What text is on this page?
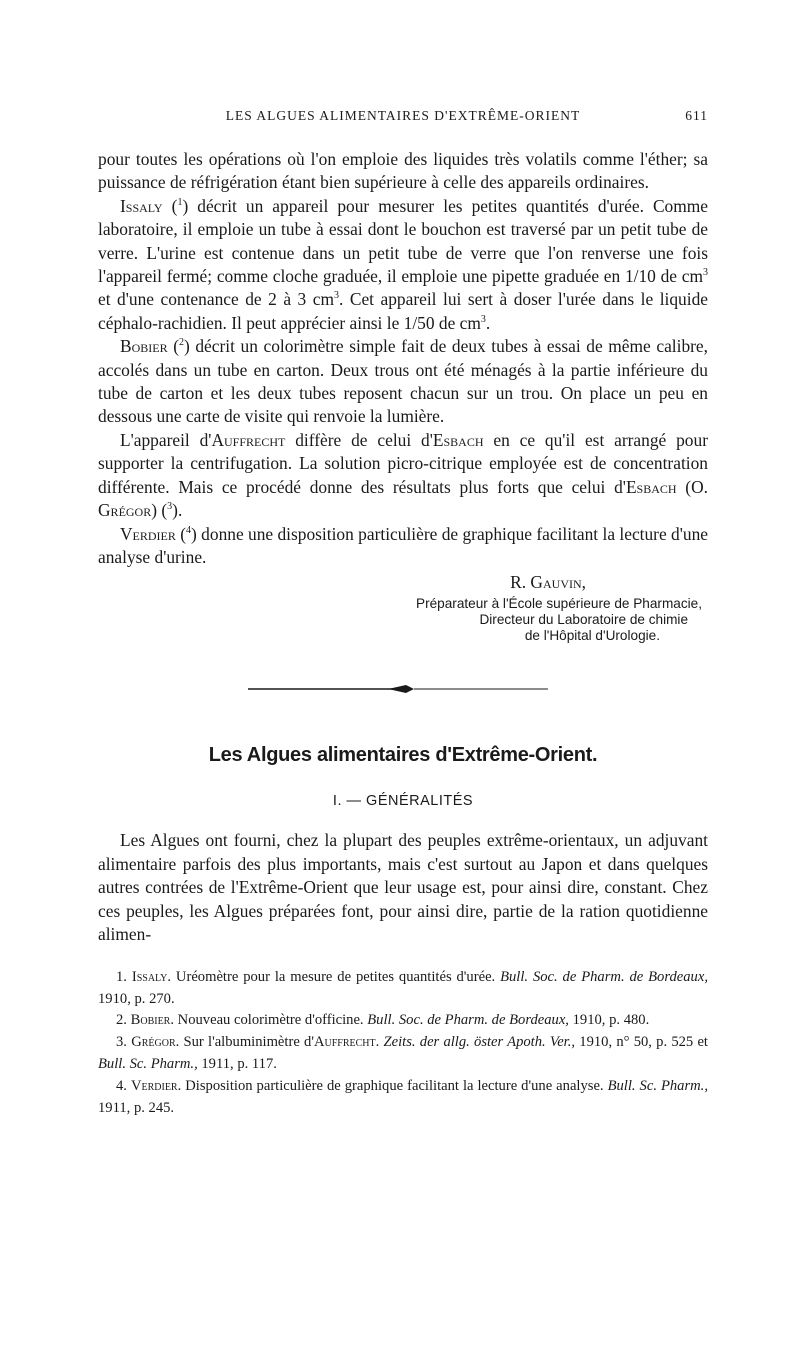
LES ALGUES ALIMENTAIRES D'EXTRÊME-ORIENT	611

pour toutes les opérations où l'on emploie des liquides très volatils comme l'éther; sa puissance de réfrigération étant bien supérieure à celle des appareils ordinaires.

Issaly ($^1$) décrit un appareil pour mesurer les petites quantités d'urée. Comme laboratoire, il emploie un tube à essai dont le bouchon est traversé par un petit tube de verre. L'urine est contenue dans un petit tube de verre que l'on renverse une fois l'appareil fermé; comme cloche graduée, il emploie une pipette graduée en 1/10 de $cm^3$ et d'une contenance de 2 à 3 $cm^3$. Cet appareil lui sert à doser l'urée dans le liquide céphalo-rachidien. Il peut apprécier ainsi le 1/50 de $cm^3$.

Bobier ($^2$) décrit un colorimètre simple fait de deux tubes à essai de même calibre, accolés dans un tube en carton. Deux trous ont été ménagés à la partie inférieure du tube de carton et les deux tubes reposent chacun sur un trou. On place un peu en dessous une carte de visite qui renvoie la lumière.

L'appareil d'Auffrecht diffère de celui d'Esbach en ce qu'il est arrangé pour supporter la centrifugation. La solution picro-citrique employée est de concentration différente. Mais ce procédé donne des résultats plus forts que celui d'Esbach (O. Grégor) ($^3$).

Verdier ($^4$) donne une disposition particulière de graphique facilitant la lecture d'une analyse d'urine.

R. Gauvin,
Préparateur à l'École supérieure de Pharmacie,
Directeur du Laboratoire de chimie
de l'Hôpital d'Urologie.
Les Algues alimentaires d'Extrême-Orient.
I. — GÉNÉRALITÉS

Les Algues ont fourni, chez la plupart des peuples extrême-orientaux, un adjuvant alimentaire parfois des plus importants, mais c'est surtout au Japon et dans quelques autres contrées de l'Extrême-Orient que leur usage est, pour ainsi dire, constant. Chez ces peuples, les Algues préparées font, pour ainsi dire, partie de la ration quotidienne alimen-

1. Issaly. Uréomètre pour la mesure de petites quantités d'urée. Bull. Soc. de Pharm. de Bordeaux, 1910, p. 270.

2. Bobier. Nouveau colorimètre d'officine. Bull. Soc. de Pharm. de Bordeaux, 1910, p. 480.

3. Grégor. Sur l'albuminimètre d'Auffrecht. Zeits. der allg. öster Apoth. Ver., 1910, n° 50, p. 525 et Bull. Sc. Pharm., 1911, p. 117.

4. Verdier. Disposition particulière de graphique facilitant la lecture d'une analyse. Bull. Sc. Pharm., 1911, p. 245.
